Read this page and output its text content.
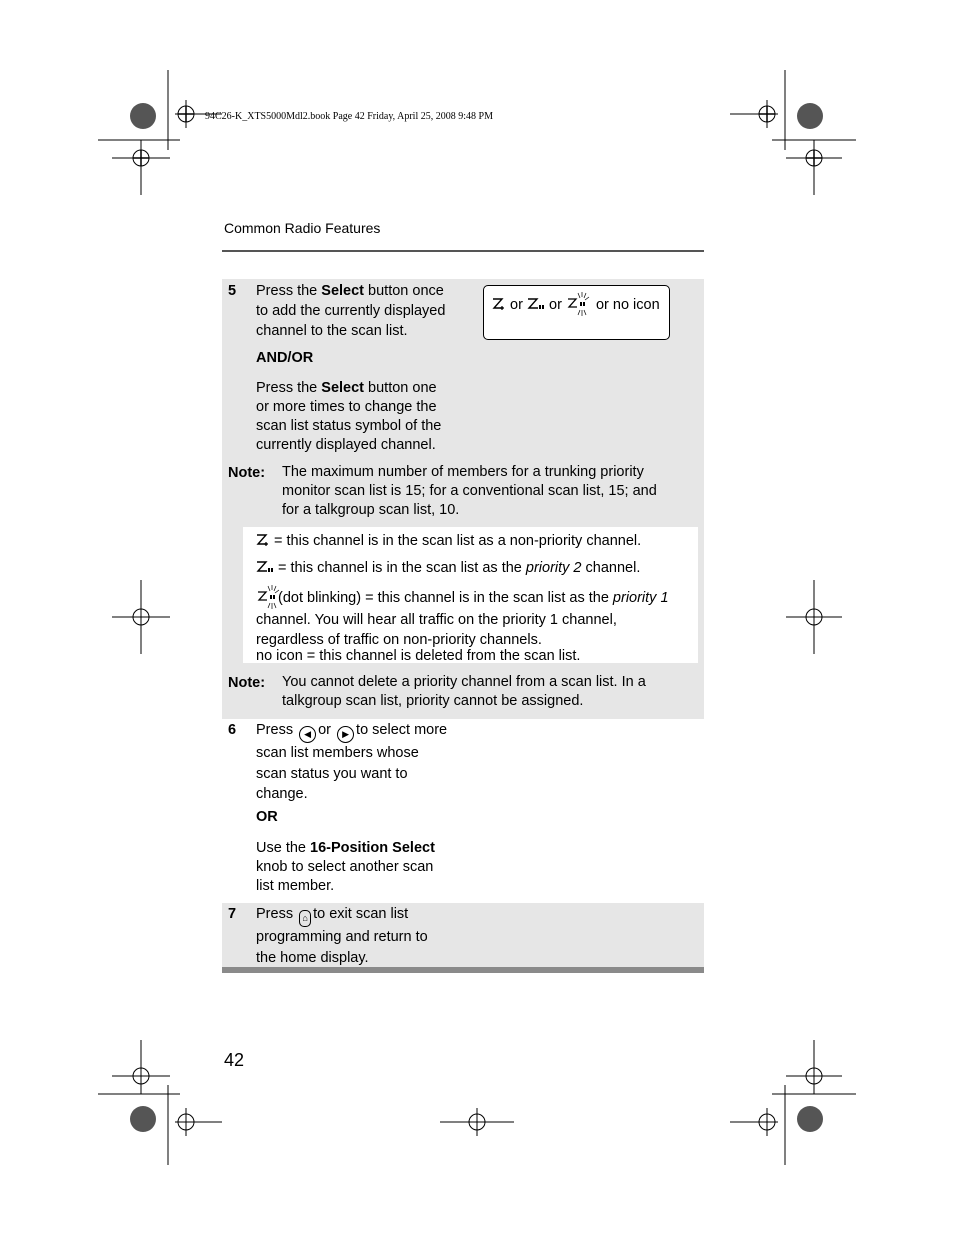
94C26-K_XTS5000Mdl2.book Page 42 Friday, April 25, 2008 9:48 PM
Common Radio Features
5 Press the Select button once
to add the currently displayed
channel to the scan list.
AND/OR
Press the Select button one
or more times to change the
scan list status symbol of the
currently displayed channel.
or or or no icon
Note: The maximum number of members for a trunking priority
monitor scan list is 15; for a conventional scan list, 15; and
for a talkgroup scan list, 10.
= this channel is in the scan list as a non-priority channel.
= this channel is in the scan list as the priority 2 channel.
(dot blinking) = this channel is in the scan list as the priority 1
channel. You will hear all traffic on the priority 1 channel,
regardless of traffic on non-priority channels.
no icon = this channel is deleted from the scan list.
Note: You cannot delete a priority channel from a scan list. In a
talkgroup scan list, priority cannot be assigned.
6 Press ◀ or ▶ to select more
scan list members whose
scan status you want to
change.
OR
Use the 16-Position Select
knob to select another scan
list member.
7 Press ⌂ to exit scan list
programming and return to
the home display.
42
